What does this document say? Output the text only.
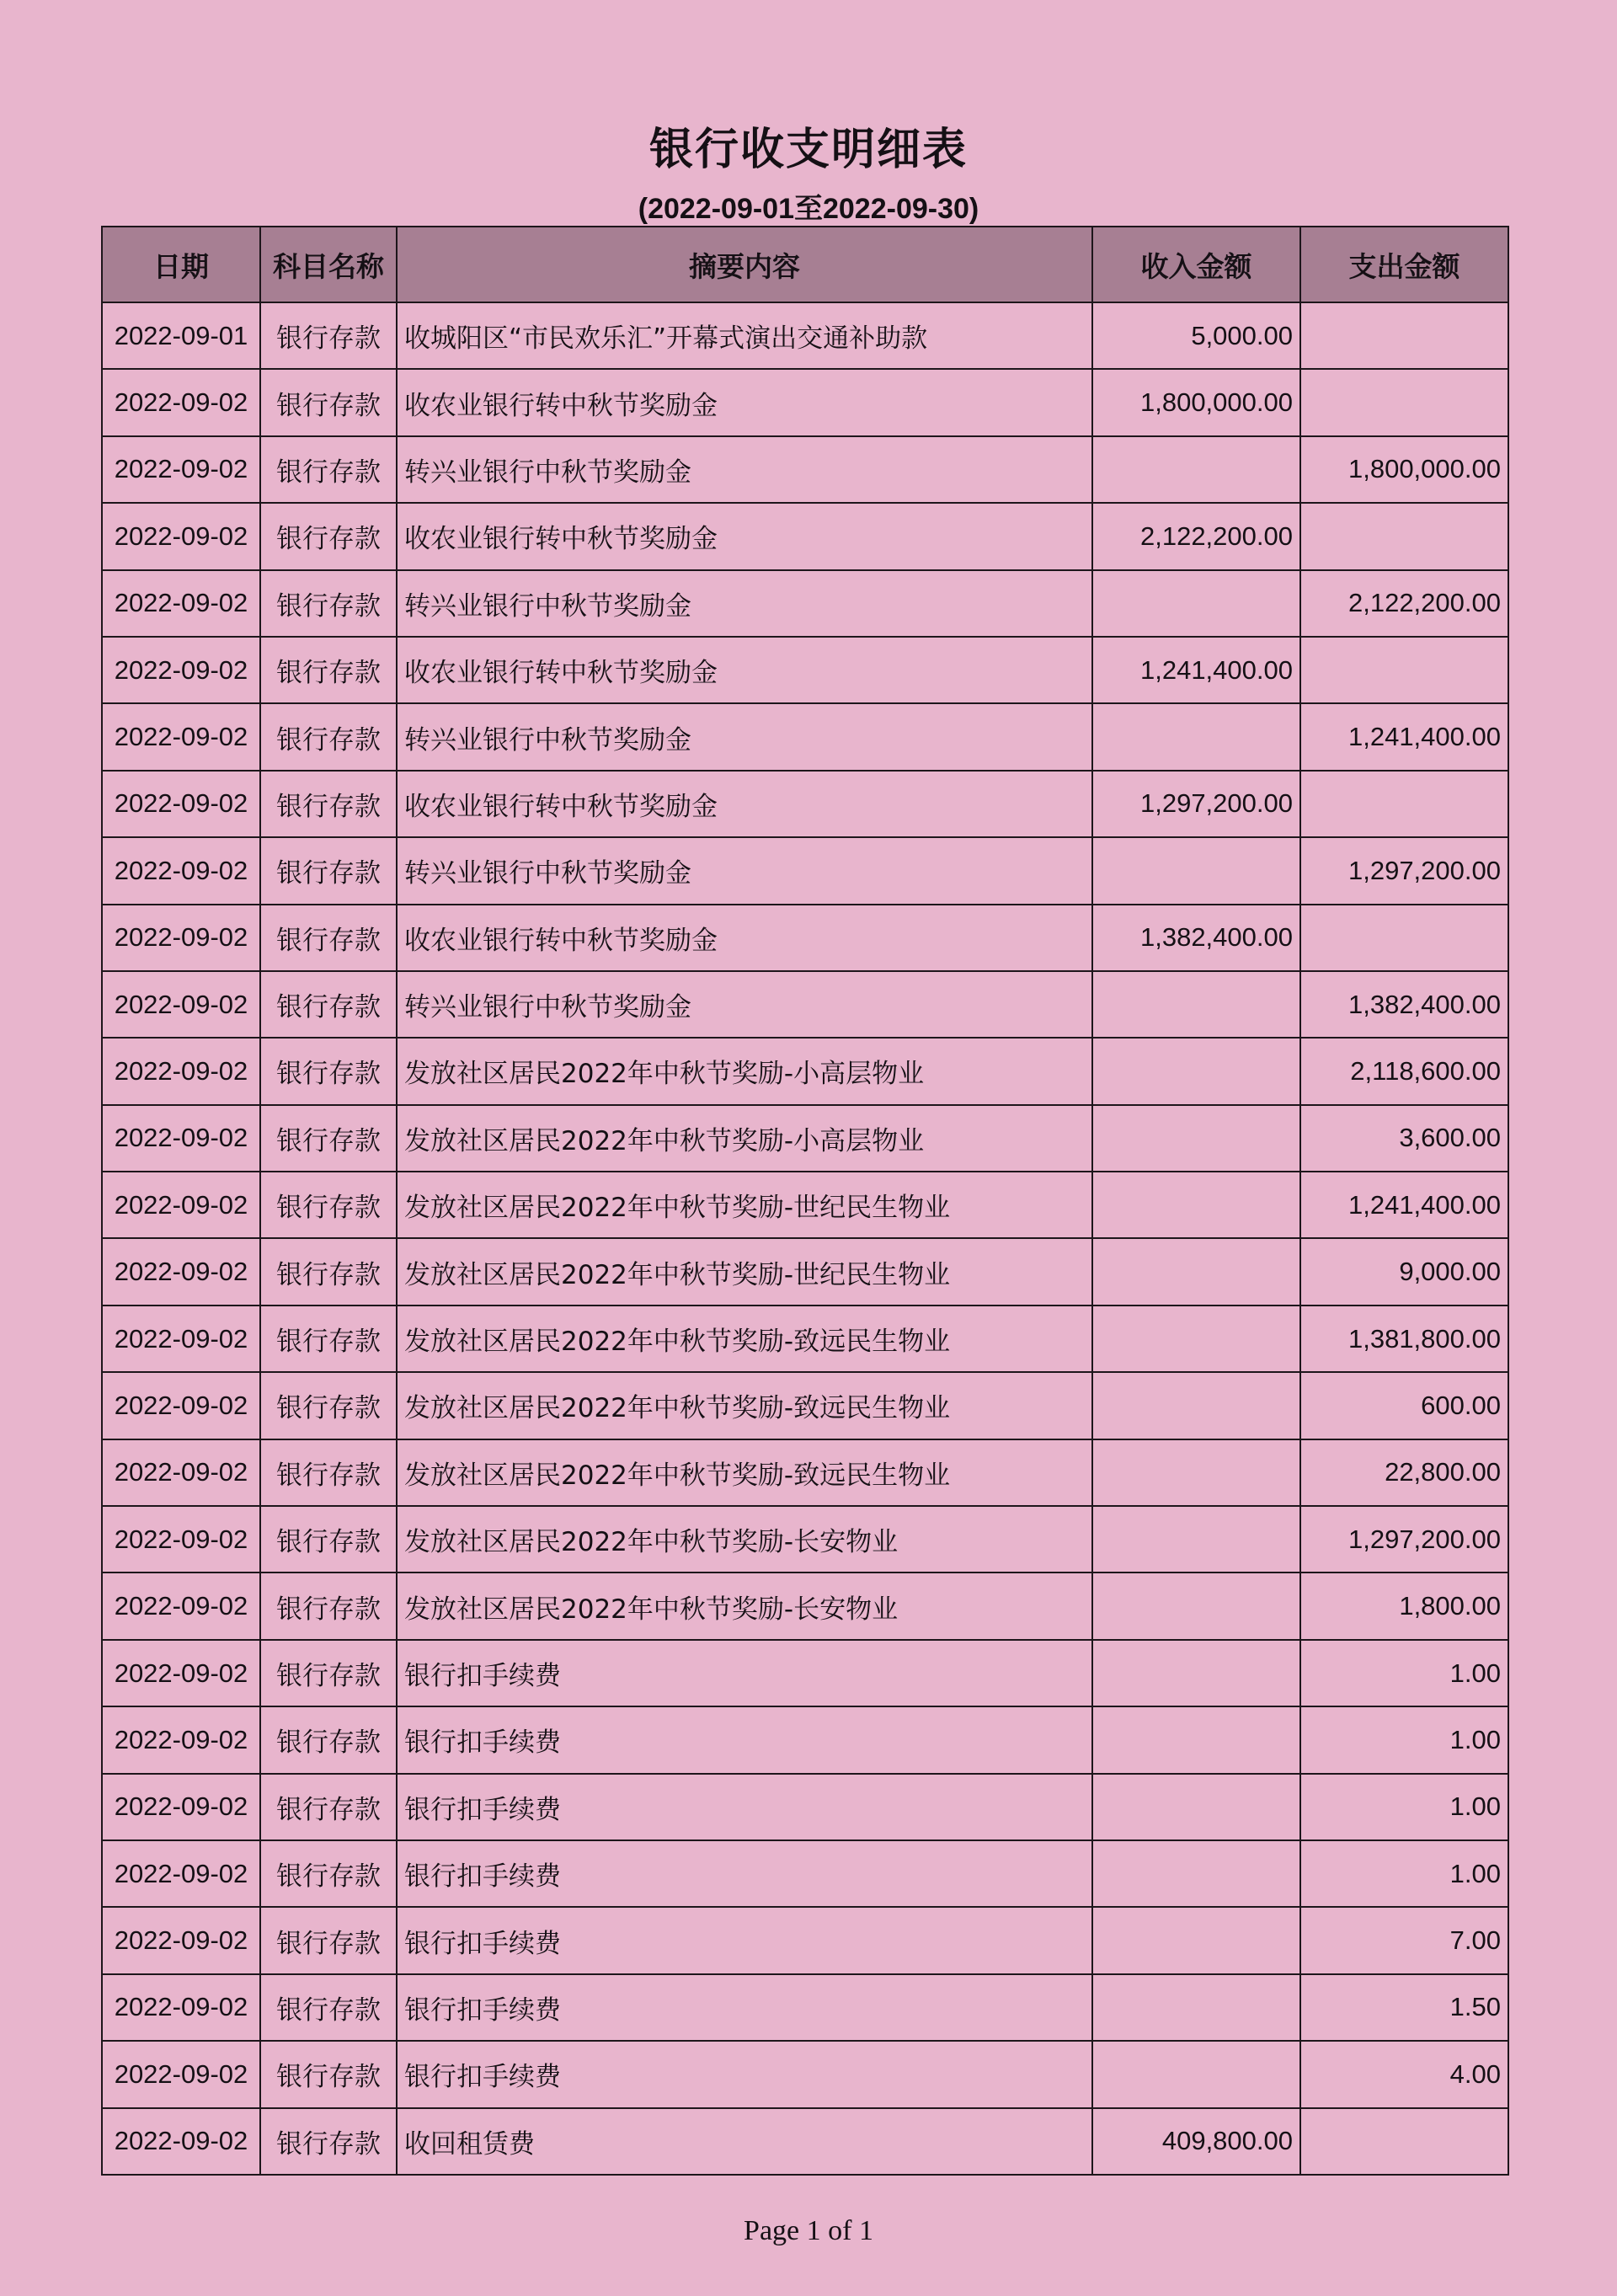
银行收支明细表
(2022-09-01至2022-09-30)
日期	科目名称	摘要内容	收入金额	支出金额
2022-09-01	银行存款	收城阳区“市民欢乐汇”开幕式演出交通补助款	5,000.00	
2022-09-02	银行存款	收农业银行转中秋节奖励金	1,800,000.00	
2022-09-02	银行存款	转兴业银行中秋节奖励金		1,800,000.00
2022-09-02	银行存款	收农业银行转中秋节奖励金	2,122,200.00	
2022-09-02	银行存款	转兴业银行中秋节奖励金		2,122,200.00
2022-09-02	银行存款	收农业银行转中秋节奖励金	1,241,400.00	
2022-09-02	银行存款	转兴业银行中秋节奖励金		1,241,400.00
2022-09-02	银行存款	收农业银行转中秋节奖励金	1,297,200.00	
2022-09-02	银行存款	转兴业银行中秋节奖励金		1,297,200.00
2022-09-02	银行存款	收农业银行转中秋节奖励金	1,382,400.00	
2022-09-02	银行存款	转兴业银行中秋节奖励金		1,382,400.00
2022-09-02	银行存款	发放社区居民2022年中秋节奖励-小高层物业		2,118,600.00
2022-09-02	银行存款	发放社区居民2022年中秋节奖励-小高层物业		3,600.00
2022-09-02	银行存款	发放社区居民2022年中秋节奖励-世纪民生物业		1,241,400.00
2022-09-02	银行存款	发放社区居民2022年中秋节奖励-世纪民生物业		9,000.00
2022-09-02	银行存款	发放社区居民2022年中秋节奖励-致远民生物业		1,381,800.00
2022-09-02	银行存款	发放社区居民2022年中秋节奖励-致远民生物业		600.00
2022-09-02	银行存款	发放社区居民2022年中秋节奖励-致远民生物业		22,800.00
2022-09-02	银行存款	发放社区居民2022年中秋节奖励-长安物业		1,297,200.00
2022-09-02	银行存款	发放社区居民2022年中秋节奖励-长安物业		1,800.00
2022-09-02	银行存款	银行扣手续费		1.00
2022-09-02	银行存款	银行扣手续费		1.00
2022-09-02	银行存款	银行扣手续费		1.00
2022-09-02	银行存款	银行扣手续费		1.00
2022-09-02	银行存款	银行扣手续费		7.00
2022-09-02	银行存款	银行扣手续费		1.50
2022-09-02	银行存款	银行扣手续费		4.00
2022-09-02	银行存款	收回租赁费	409,800.00	
Page 1 of 1
